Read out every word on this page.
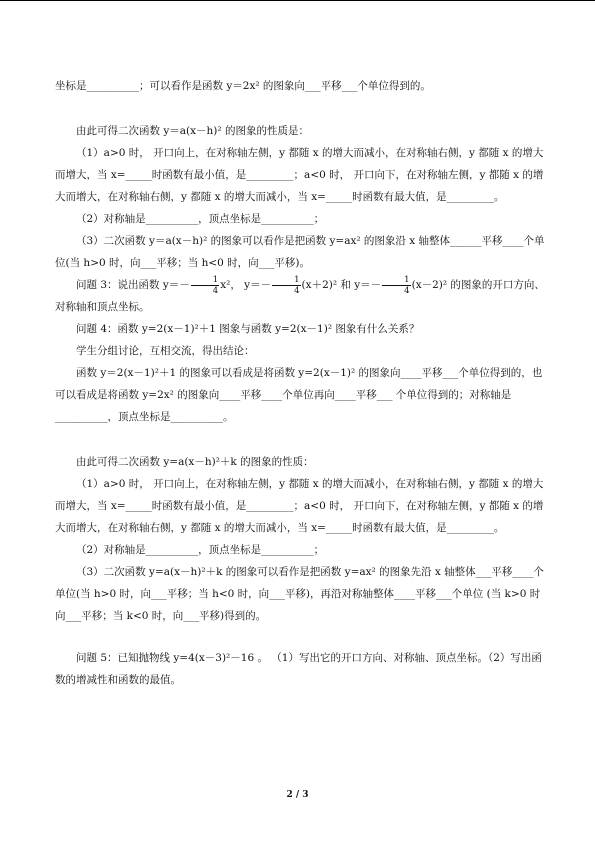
坐标是__________；可以看作是函数 y＝2x² 的图象向___平移___个单位得到的。

由此可得二次函数 y＝a(x－h)² 的图象的性质是：

（1）a>0 时， 开口向上，在对称轴左侧，y 都随 x 的增大而减小，在对称轴右侧，y 都随 x 的增大而增大，当 x=_____时函数有最小值，是_________；a<0 时， 开口向下，在对称轴左侧，y 都随 x 的增大而增大，在对称轴右侧，y 都随 x 的增大而减小，当 x=_____时函数有最大值，是_________。

（2）对称轴是__________，顶点坐标是__________；

（3）二次函数 y＝a(x－h)² 的图象可以看作是把函数 y=ax² 的图象沿 x 轴整体______平移____个单位(当 h>0 时，向___平移；当 h<0 时，向___平移)。

问题 3：说出函数 $y=- \frac{1}{4} x^2$， $y=- \frac{1}{4} (x+2)^2$ 和 $y=- \frac{1}{4} (x-2)^2$ 的图象的开口方向、对称轴和顶点坐标。

问题 4：函数 y=2(x－1)²＋1 图象与函数 y=2(x－1)² 图象有什么关系？

学生分组讨论，互相交流，得出结论：

函数 y＝2(x－1)²＋1 的图象可以看成是将函数 y=2(x－1)² 的图象向____平移___个单位得到的，也可以看成是将函数 y=2x² 的图象向____平移____个单位再向____平移___ 个单位得到的；对称轴是__________，顶点坐标是__________。

由此可得二次函数 y=a(x－h)²＋k 的图象的性质：

（1）a>0 时， 开口向上，在对称轴左侧，y 都随 x 的增大而减小，在对称轴右侧，y 都随 x 的增大而增大，当 x=_____时函数有最小值，是_________；a<0 时， 开口向下，在对称轴左侧，y 都随 x 的增大而增大，在对称轴右侧，y 都随 x 的增大而减小，当 x=_____时函数有最大值，是_________。

（2）对称轴是__________，顶点坐标是__________；

（3）二次函数 y=a(x－h)²＋k 的图象可以看作是把函数 y=ax² 的图象先沿 x 轴整体___平移____个单位(当 h>0 时，向___平移；当 h<0 时，向___平移)，再沿对称轴整体____平移___个单位 (当 k>0 时向___平移；当 k<0 时，向___平移)得到的。

问题 5：已知抛物线 y=4(x－3)²－16 。 （1）写出它的开口方向、对称轴、顶点坐标。（2）写出函数的增减性和函数的最值。

2 / 3
